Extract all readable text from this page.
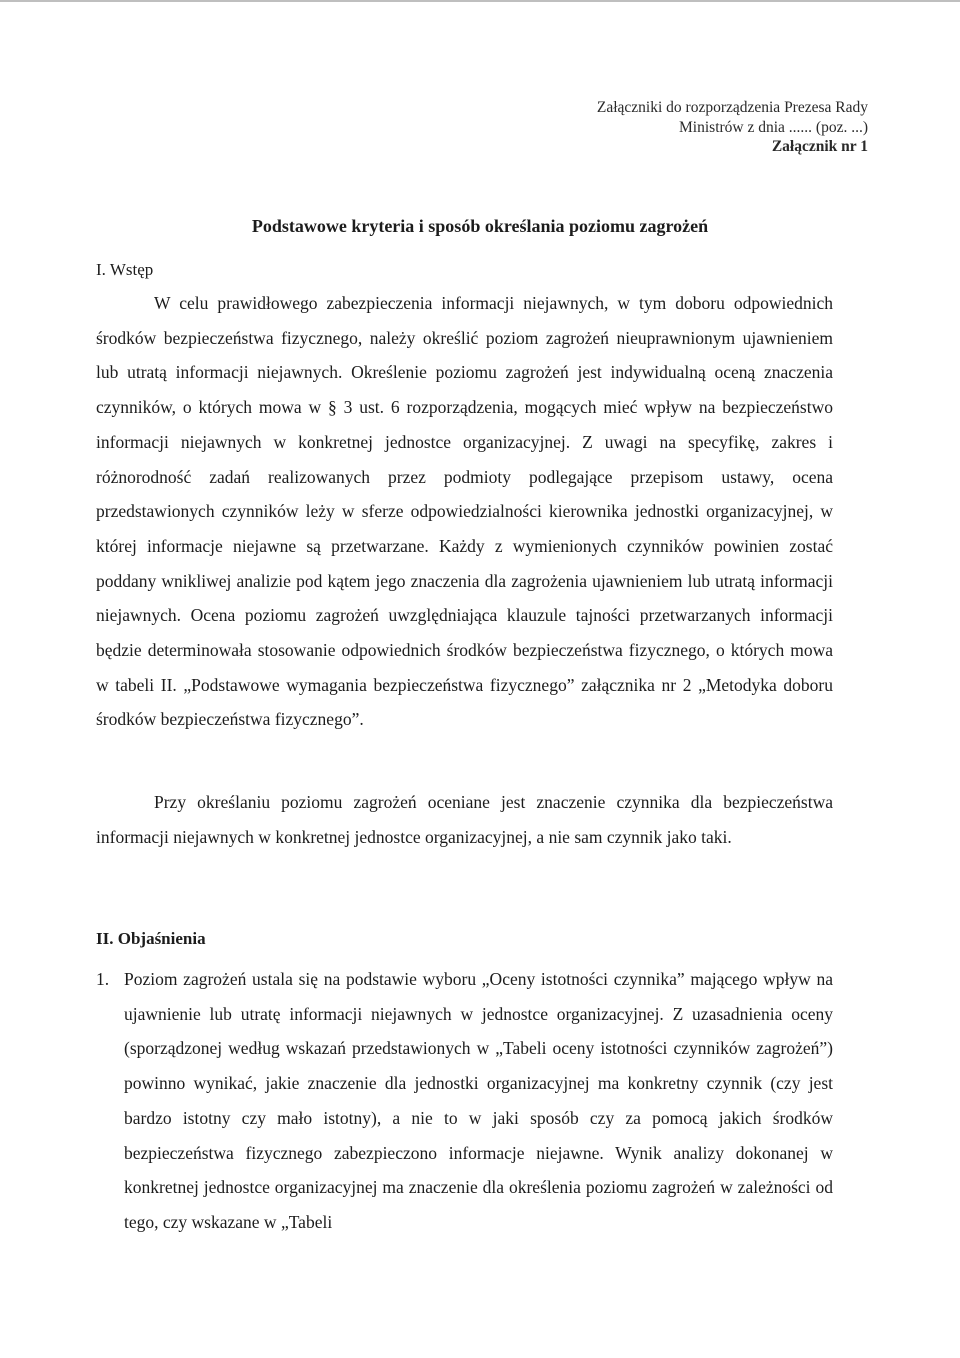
Załączniki do rozporządzenia Prezesa Rady
Ministrów z dnia ...... (poz. ...)
Załącznik nr 1
Podstawowe kryteria i sposób określania poziomu zagrożeń
I. Wstęp

W celu prawidłowego zabezpieczenia informacji niejawnych, w tym doboru odpowiednich środków bezpieczeństwa fizycznego, należy określić poziom zagrożeń nieuprawnionym ujawnieniem lub utratą informacji niejawnych. Określenie poziomu zagrożeń jest indywidualną oceną znaczenia czynników, o których mowa w § 3 ust. 6 rozporządzenia, mogących mieć wpływ na bezpieczeństwo informacji niejawnych w konkretnej jednostce organizacyjnej. Z uwagi na specyfikę, zakres i różnorodność zadań realizowanych przez podmioty podlegające przepisom ustawy, ocena przedstawionych czynników leży w sferze odpowiedzialności kierownika jednostki organizacyjnej, w której informacje niejawne są przetwarzane. Każdy z wymienionych czynników powinien zostać poddany wnikliwej analizie pod kątem jego znaczenia dla zagrożenia ujawnieniem lub utratą informacji niejawnych. Ocena poziomu zagrożeń uwzględniająca klauzule tajności przetwarzanych informacji będzie determinowała stosowanie odpowiednich środków bezpieczeństwa fizycznego, o których mowa w tabeli II. „Podstawowe wymagania bezpieczeństwa fizycznego” załącznika nr 2 „Metodyka doboru środków bezpieczeństwa fizycznego”.

Przy określaniu poziomu zagrożeń oceniane jest znaczenie czynnika dla bezpieczeństwa informacji niejawnych w konkretnej jednostce organizacyjnej, a nie sam czynnik jako taki.

II. Objaśnienia
1. Poziom zagrożeń ustala się na podstawie wyboru „Oceny istotności czynnika” mającego wpływ na ujawnienie lub utratę informacji niejawnych w jednostce organizacyjnej. Z uzasadnienia oceny (sporządzonej według wskazań przedstawionych w „Tabeli oceny istotności czynników zagrożeń”) powinno wynikać, jakie znaczenie dla jednostki organizacyjnej ma konkretny czynnik (czy jest bardzo istotny czy mało istotny), a nie to w jaki sposób czy za pomocą jakich środków bezpieczeństwa fizycznego zabezpieczono informacje niejawne. Wynik analizy dokonanej w konkretnej jednostce organizacyjnej ma znaczenie dla określenia poziomu zagrożeń w zależności od tego, czy wskazane w „Tabeli
